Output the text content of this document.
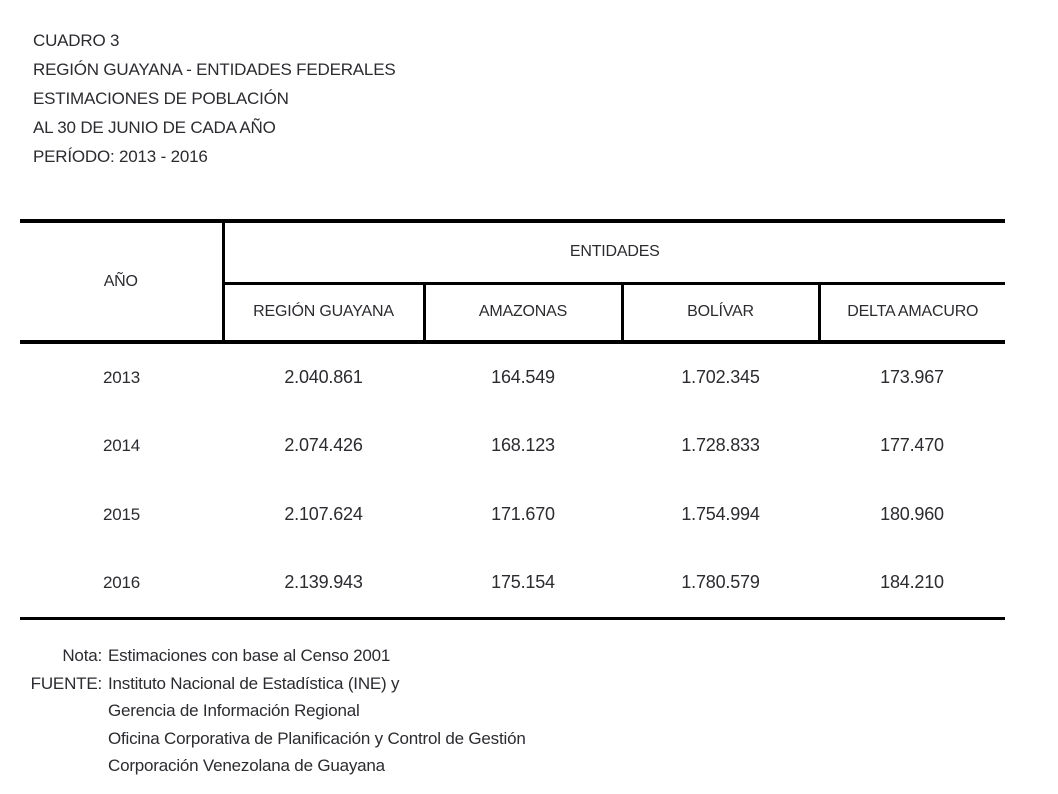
CUADRO 3
REGIÓN GUAYANA - ENTIDADES FEDERALES
ESTIMACIONES DE POBLACIÓN
AL 30 DE JUNIO DE CADA AÑO
PERÍODO: 2013 - 2016
AÑO	ENTIDADES			
	REGIÓN GUAYANA	AMAZONAS	BOLÍVAR	DELTA AMACURO
2013	2.040.861	164.549	1.702.345	173.967
2014	2.074.426	168.123	1.728.833	177.470
2015	2.107.624	171.670	1.754.994	180.960
2016	2.139.943	175.154	1.780.579	184.210
Nota: Estimaciones con base al Censo 2001
FUENTE: Instituto Nacional de Estadística (INE) y
Gerencia de Información Regional
Oficina Corporativa de Planificación y Control de Gestión
Corporación Venezolana de Guayana
